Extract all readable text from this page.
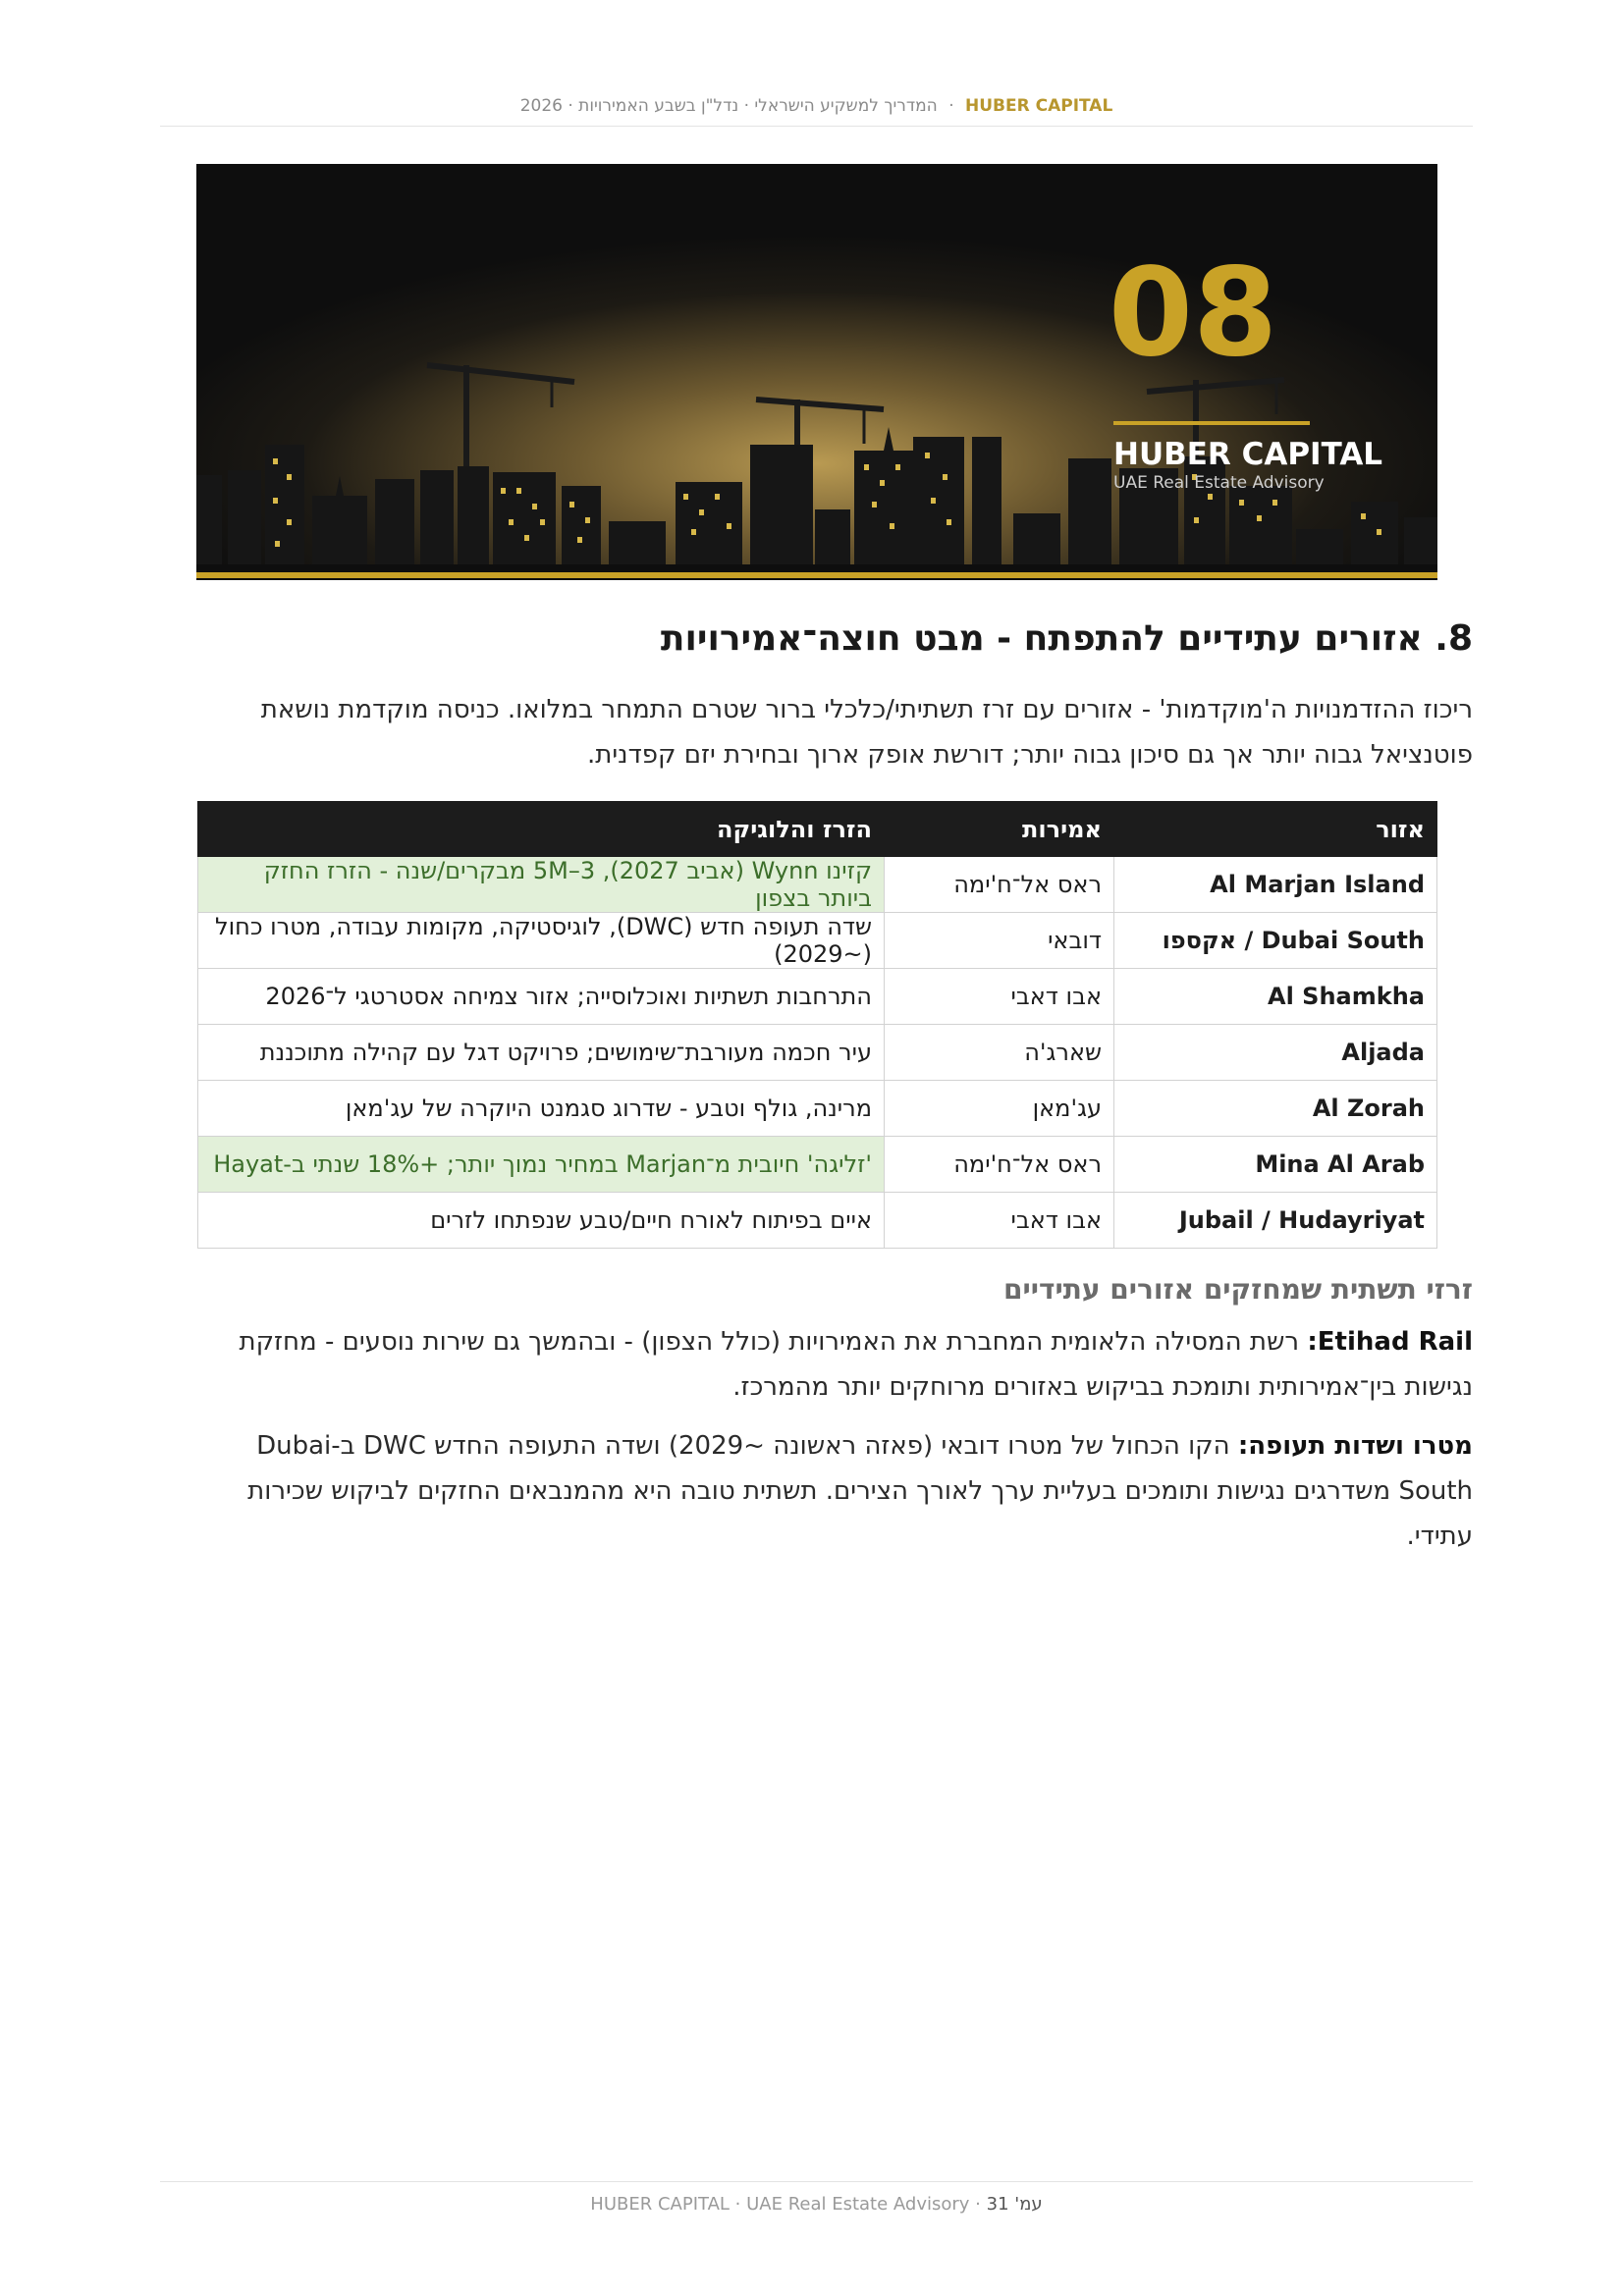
HUBER CAPITAL · המדריך למשקיע הישראלי · נדל"ן בשבע האמירויות · 2026
08
HUBER CAPITAL
UAE Real Estate Advisory
8. אזורים עתידיים להתפתח - מבט חוצה־אמירויות

ריכוז ההזדמנויות ה'מוקדמות' - אזורים עם זרז תשתיתי/כלכלי ברור שטרם התמחר במלואו. כניסה מוקדמת נושאת פוטנציאל גבוה יותר אך גם סיכון גבוה יותר; דורשת אופק ארוך ובחירת יזם קפדנית.

אזור	אמירות	הזרז והלוגיקה
Al Marjan Island	ראס אל־ח'ימה	קזינו Wynn (אביב 2027), 3–5M מבקרים/שנה - הזרז החזק ביותר בצפון
Dubai South / אקספו	דובאי	שדה תעופה חדש (DWC), לוגיסטיקה, מקומות עבודה, מטרו כחול (~2029)
Al Shamkha	אבו דאבי	התרחבות תשתיות ואוכלוסייה; אזור צמיחה אסטרטגי ל־2026
Aljada	שארג'ה	עיר חכמה מעורבת־שימושים; פרויקט דגל עם קהילה מתוכננת
Al Zorah	עג'מאן	מרינה, גולף וטבע - שדרוג סגמנט היוקרה של עג'מאן
Mina Al Arab	ראס אל־ח'ימה	'זליגה' חיובית מ־Marjan במחיר נמוך יותר; +18% שנתי ב-Hayat
Jubail / Hudayriyat	אבו דאבי	איים בפיתוח לאורח חיים/טבע שנפתחו לזרים
זרזי תשתית שמחזקים אזורים עתידיים

Etihad Rail: רשת המסילה הלאומית המחברת את האמירויות (כולל הצפון) - ובהמשך גם שירות נוסעים - מחזקת נגישות בין־אמירותית ותומכת בביקוש באזורים מרוחקים יותר מהמרכז.

מטרו ושדות תעופה: הקו הכחול של מטרו דובאי (פאזה ראשונה ~2029) ושדה התעופה החדש DWC ב-Dubai South משדרגים נגישות ותומכים בעליית ערך לאורך הצירים. תשתית טובה היא מהמנבאים החזקים לביקוש שכירות עתידי.

עמ' 31 · HUBER CAPITAL · UAE Real Estate Advisory
